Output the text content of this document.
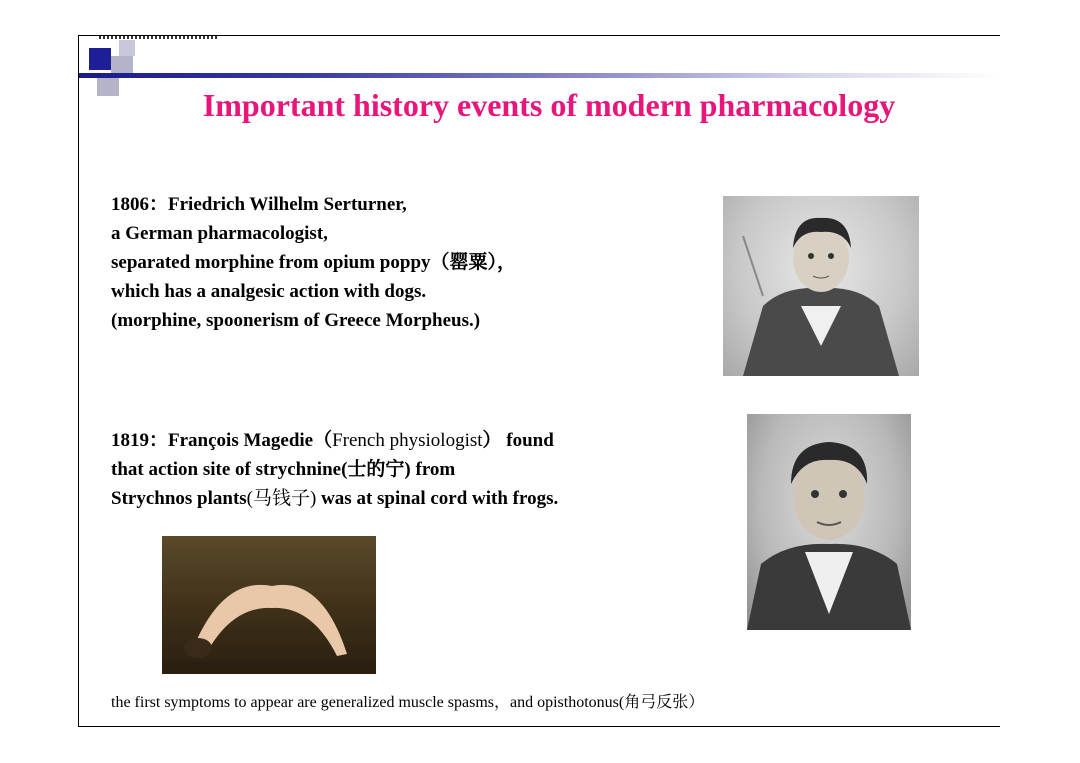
Important history events of modern pharmacology
1806：Friedrich Wilhelm Serturner,
a German pharmacologist,
separated morphine from opium poppy（罂粟），
which has a analgesic action with dogs.
(morphine, spoonerism of Greece Morpheus.)
1819：François Magedie（French physiologist） found
that action site of strychnine(士的宁) from
Strychnos plants(马钱子) was at spinal cord with frogs.
the first symptoms to appear are generalized muscle spasms，and opisthotonus(角弓反张）
